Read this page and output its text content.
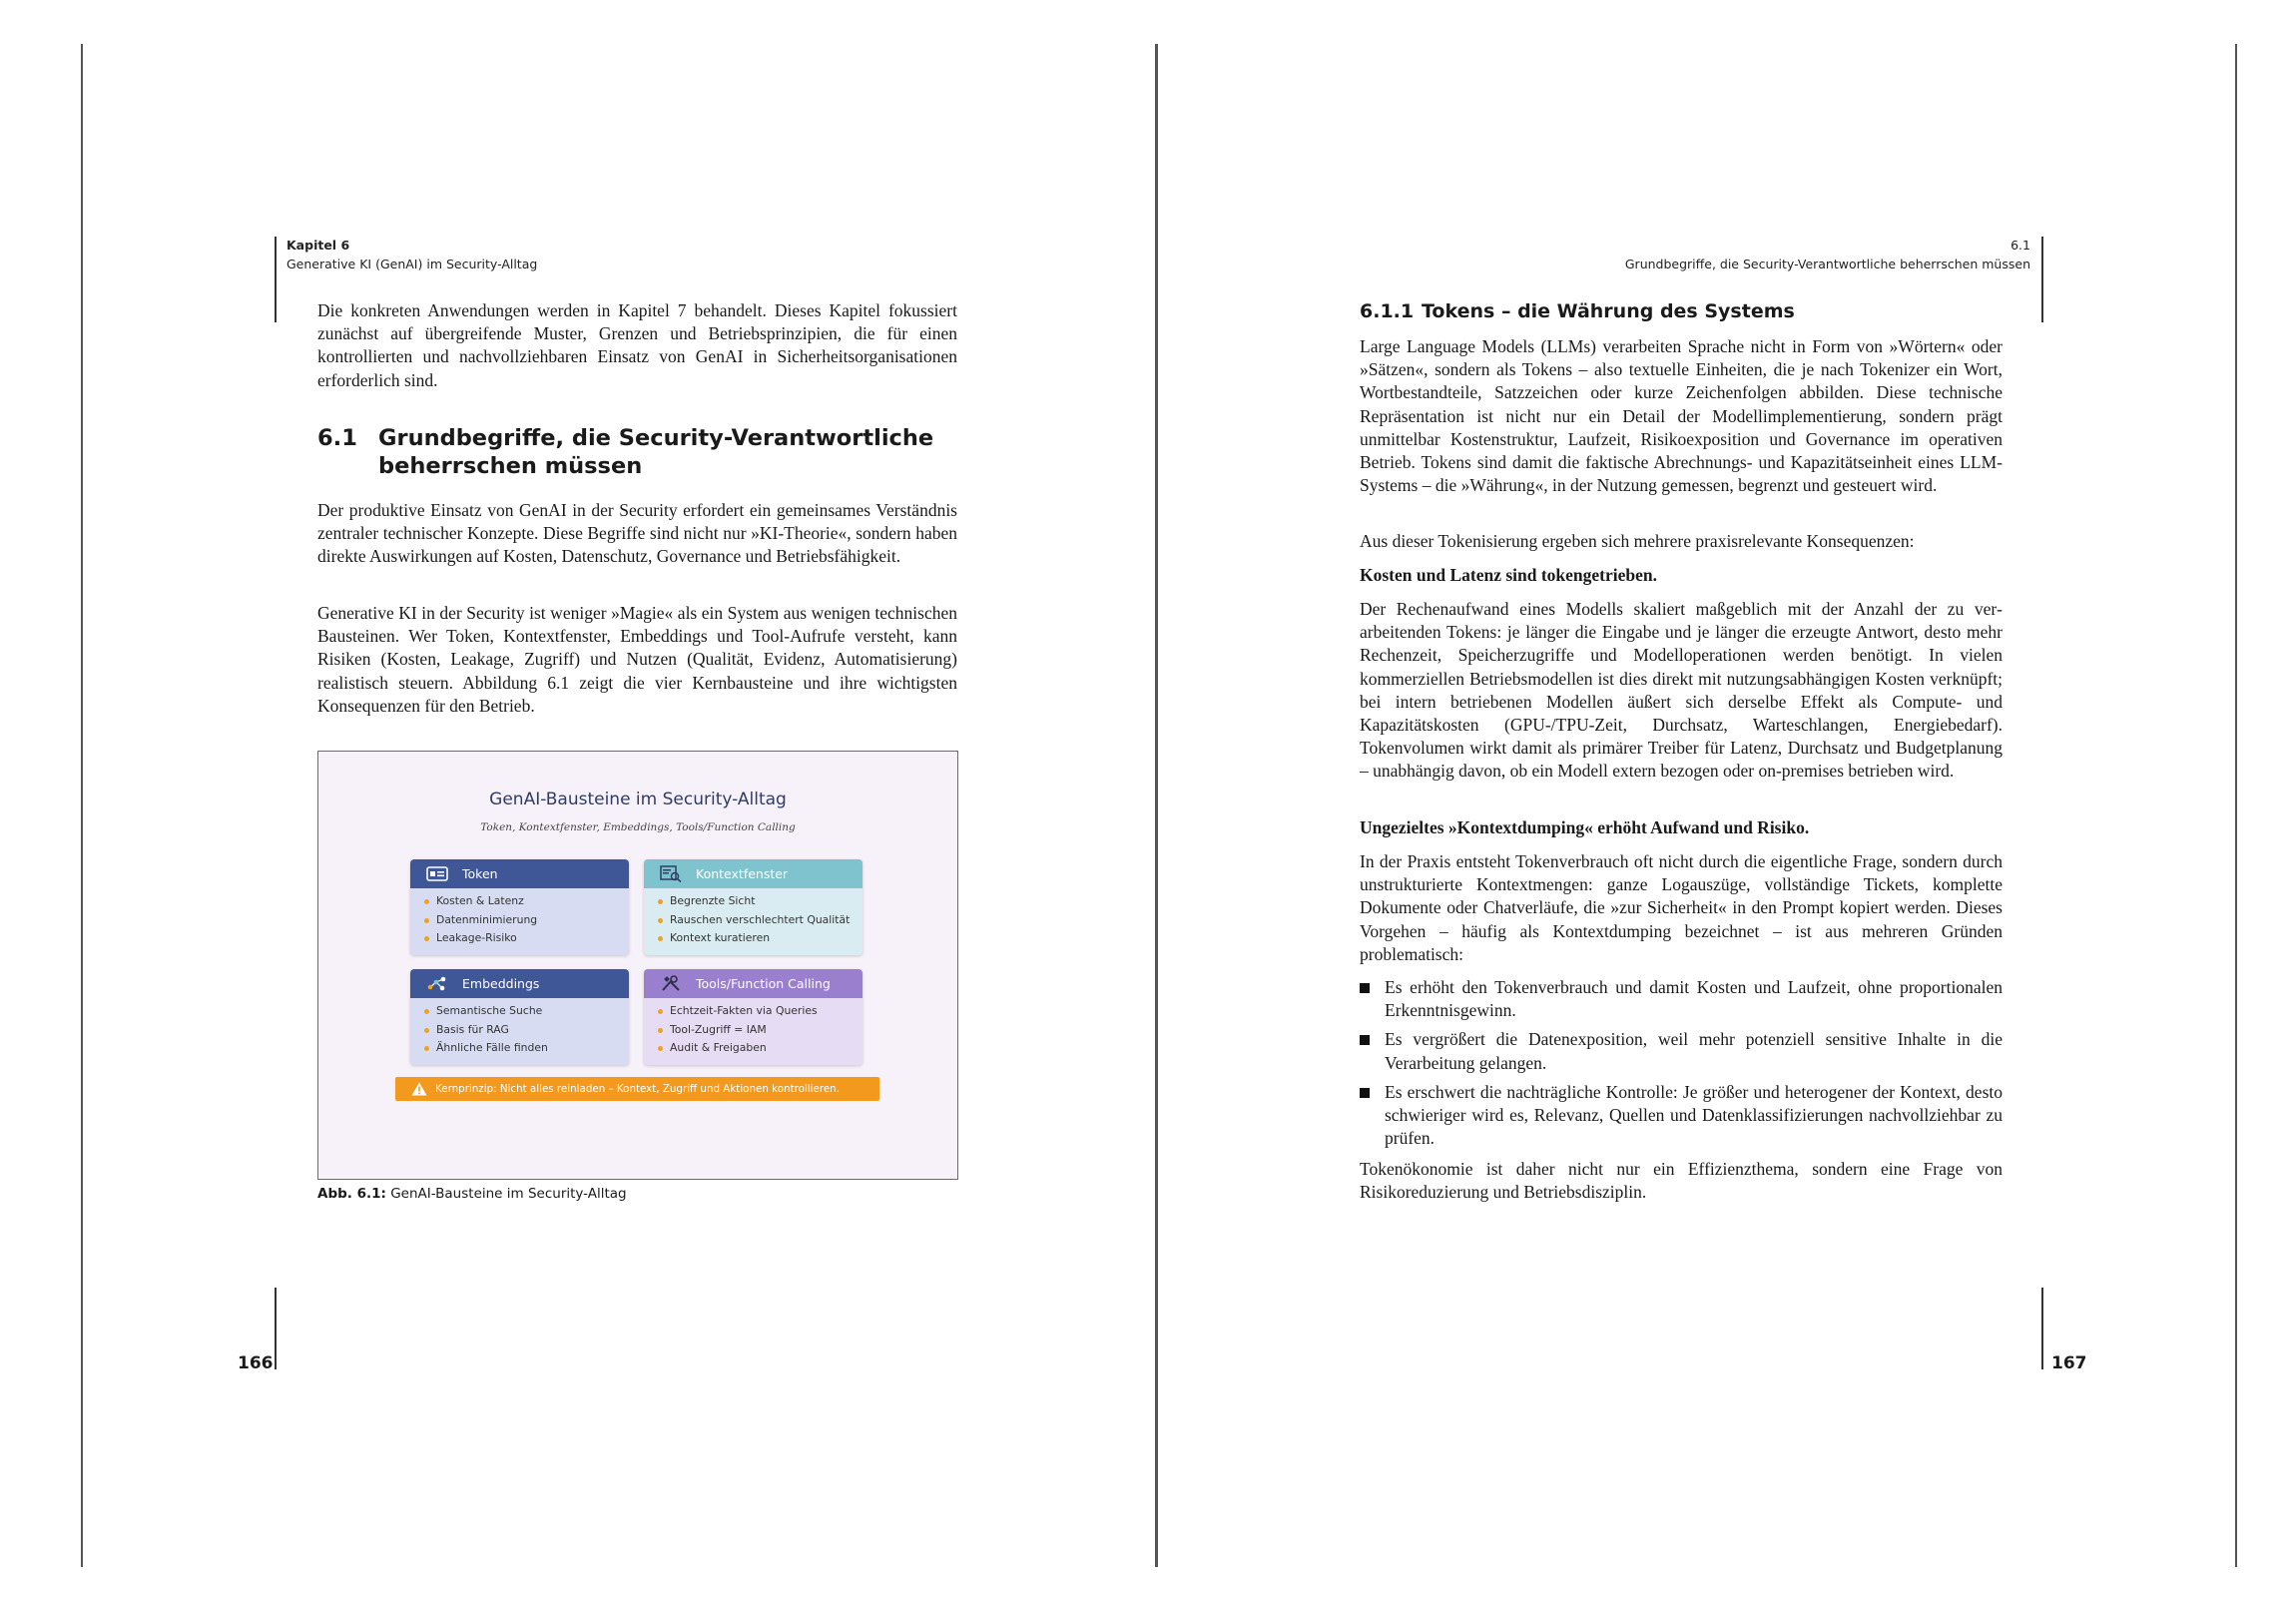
Kapitel 6
Generative KI (GenAI) im Security-Alltag

Die konkreten Anwendungen werden in Kapitel 7 behandelt. Dieses Kapitel fokussiert zunächst auf übergreifende Muster, Grenzen und Betriebsprinzipien, die für einen kontrollierten und nachvollziehbaren Einsatz von GenAI in Sicherheitsorganisationen erforderlich sind.

6.1 Grundbegriffe, die Security-Verantwortliche
beherrschen müssen

Der produktive Einsatz von GenAI in der Security erfordert ein gemeinsames Verständnis zentraler technischer Konzepte. Diese Begriffe sind nicht nur »KI-Theorie«, sondern haben direkte Auswirkungen auf Kosten, Datenschutz, Governance und Betriebsfähigkeit.

Generative KI in der Security ist weniger »Magie« als ein System aus wenigen technischen Bausteinen. Wer Token, Kontextfenster, Embeddings und Tool-Aufrufe versteht, kann Risiken (Kosten, Leakage, Zugriff) und Nutzen (Qualität, Evidenz, Automatisierung) realistisch steuern. Abbildung 6.1 zeigt die vier Kernbausteine und ihre wichtigsten Konsequenzen für den Betrieb.

GenAI-Bausteine im Security-Alltag
Token, Kontextfenster, Embeddings, Tools/Function Calling
Token
Kosten & Latenz
Datenminimierung
Leakage-Risiko
Kontextfenster
Begrenzte Sicht
Rauschen verschlechtert Qualität
Kontext kuratieren
Embeddings
Semantische Suche
Basis für RAG
Ähnliche Fälle finden
Tools/Function Calling
Echtzeit-Fakten via Queries
Tool-Zugriff = IAM
Audit & Freigaben
Kernprinzip: Nicht alles reinladen – Kontext, Zugriff und Aktionen kontrollieren.
Abb. 6.1: GenAI-Bausteine im Security-Alltag
166
6.1
Grundbegriffe, die Security-Verantwortliche beherrschen müssen
6.1.1 Tokens – die Währung des Systems

Large Language Models (LLMs) verarbeiten Sprache nicht in Form von »Wörtern« oder »Sätzen«, sondern als Tokens – also textuelle Einheiten, die je nach Tokenizer ein Wort, Wortbestandteile, Satzzeichen oder kurze Zeichenfolgen abbilden. Diese technische Repräsentation ist nicht nur ein Detail der Modellimplementierung, sondern prägt unmittelbar Kostenstruktur, Laufzeit, Risikoexposition und Governance im operativen Betrieb. Tokens sind damit die faktische Abrechnungs- und Kapazitätseinheit eines LLM-Systems – die »Währung«, in der Nutzung gemessen, begrenzt und gesteuert wird.

Aus dieser Tokenisierung ergeben sich mehrere praxisrelevante Konsequenzen:

Kosten und Latenz sind tokengetrieben.

Der Rechenaufwand eines Modells skaliert maßgeblich mit der Anzahl der zu verarbeitenden Tokens: je länger die Eingabe und je länger die erzeugte Antwort, desto mehr Rechenzeit, Speicherzugriffe und Modelloperationen werden benötigt. In vielen kommerziellen Betriebsmodellen ist dies direkt mit nutzungsabhängigen Kosten verknüpft; bei intern betriebenen Modellen äußert sich derselbe Effekt als Compute- und Kapazitätskosten (GPU-/TPU-Zeit, Durchsatz, Warteschlangen, Energiebedarf). Tokenvolumen wirkt damit als primärer Treiber für Latenz, Durchsatz und Budgetplanung – unabhängig davon, ob ein Modell extern bezogen oder on-premises betrieben wird.

Ungezieltes »Kontextdumping« erhöht Aufwand und Risiko.

In der Praxis entsteht Tokenverbrauch oft nicht durch die eigentliche Frage, sondern durch unstrukturierte Kontextmengen: ganze Logauszüge, vollständige Tickets, komplette Dokumente oder Chatverläufe, die »zur Sicherheit« in den Prompt kopiert werden. Dieses Vorgehen – häufig als Kontextdumping bezeichnet – ist aus mehreren Gründen problematisch:

Es erhöht den Tokenverbrauch und damit Kosten und Laufzeit, ohne proportionalen Erkenntnisgewinn.
Es vergrößert die Datenexposition, weil mehr potenziell sensitive Inhalte in die Verarbeitung gelangen.
Es erschwert die nachträgliche Kontrolle: Je größer und heterogener der Kontext, desto schwieriger wird es, Relevanz, Quellen und Datenklassifizierungen nachvollziehbar zu prüfen.

Tokenökonomie ist daher nicht nur ein Effizienzthema, sondern eine Frage von Risikoreduzierung und Betriebsdisziplin.

167
